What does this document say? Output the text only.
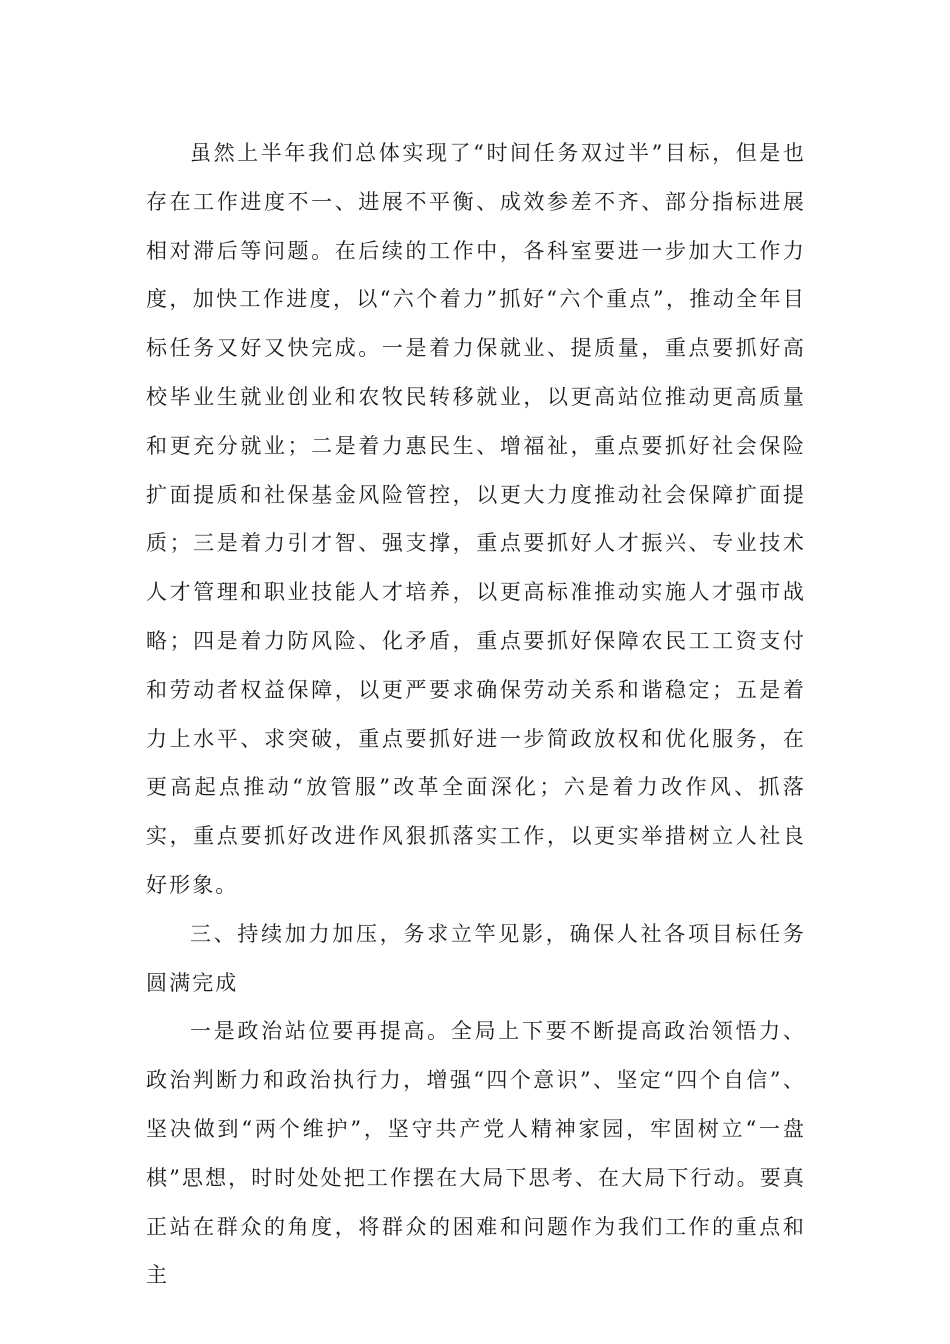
虽然上半年我们总体实现了“时间任务双过半”目标，但是也存在工作进度不一、进展不平衡、成效参差不齐、部分指标进展相对滞后等问题。在后续的工作中，各科室要进一步加大工作力度，加快工作进度，以“六个着力”抓好“六个重点”，推动全年目标任务又好又快完成。一是着力保就业、提质量，重点要抓好高校毕业生就业创业和农牧民转移就业，以更高站位推动更高质量和更充分就业；二是着力惠民生、增福祉，重点要抓好社会保险扩面提质和社保基金风险管控，以更大力度推动社会保障扩面提质；三是着力引才智、强支撑，重点要抓好人才振兴、专业技术人才管理和职业技能人才培养，以更高标准推动实施人才强市战略；四是着力防风险、化矛盾，重点要抓好保障农民工工资支付和劳动者权益保障，以更严要求确保劳动关系和谐稳定；五是着力上水平、求突破，重点要抓好进一步简政放权和优化服务，在更高起点推动“放管服”改革全面深化；六是着力改作风、抓落实，重点要抓好改进作风狠抓落实工作，以更实举措树立人社良好形象。

三、持续加力加压，务求立竿见影，确保人社各项目标任务圆满完成

一是政治站位要再提高。全局上下要不断提高政治领悟力、政治判断力和政治执行力，增强“四个意识”、坚定“四个自信”、坚决做到“两个维护”，坚守共产党人精神家园，牢固树立“一盘棋”思想，时时处处把工作摆在大局下思考、在大局下行动。要真正站在群众的角度，将群众的困难和问题作为我们工作的重点和主
